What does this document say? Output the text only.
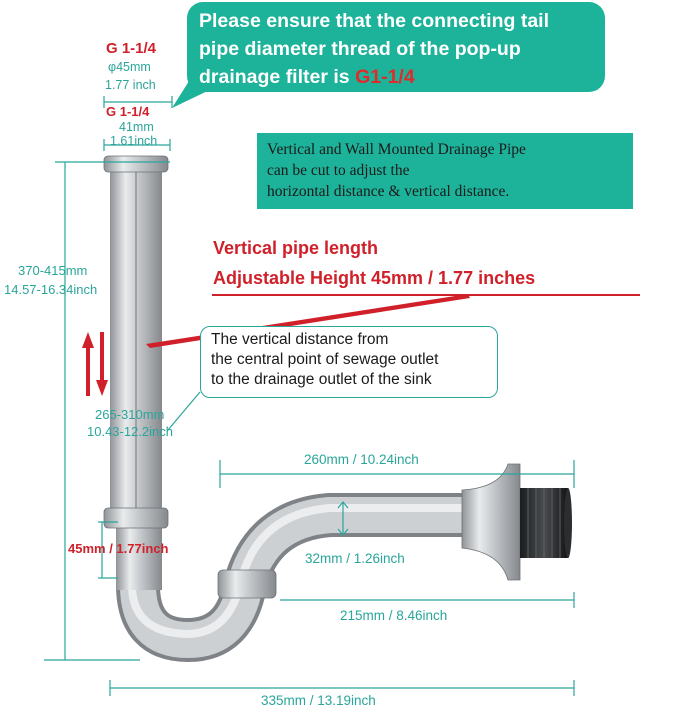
Please ensure that the connecting tail
pipe diameter thread of the pop-up
drainage filter is G1-1/4
G 1-1/4
φ45mm
1.77 inch
G 1-1/4
41mm
1.61inch	Vertical and Wall Mounted Drainage Pipe
can be cut to adjust the
horizontal distance & vertical distance.
Vertical pipe length
Adjustable Height 45mm / 1.77 inches
370-415mm
14.57-16.34inch
The vertical distance from
the central point of sewage outlet
to the drainage outlet of the sink
265-310mm
10.43-12.2inch
45mm / 1.77inch
260mm / 10.24inch
32mm / 1.26inch
215mm / 8.46inch
335mm / 13.19inch
